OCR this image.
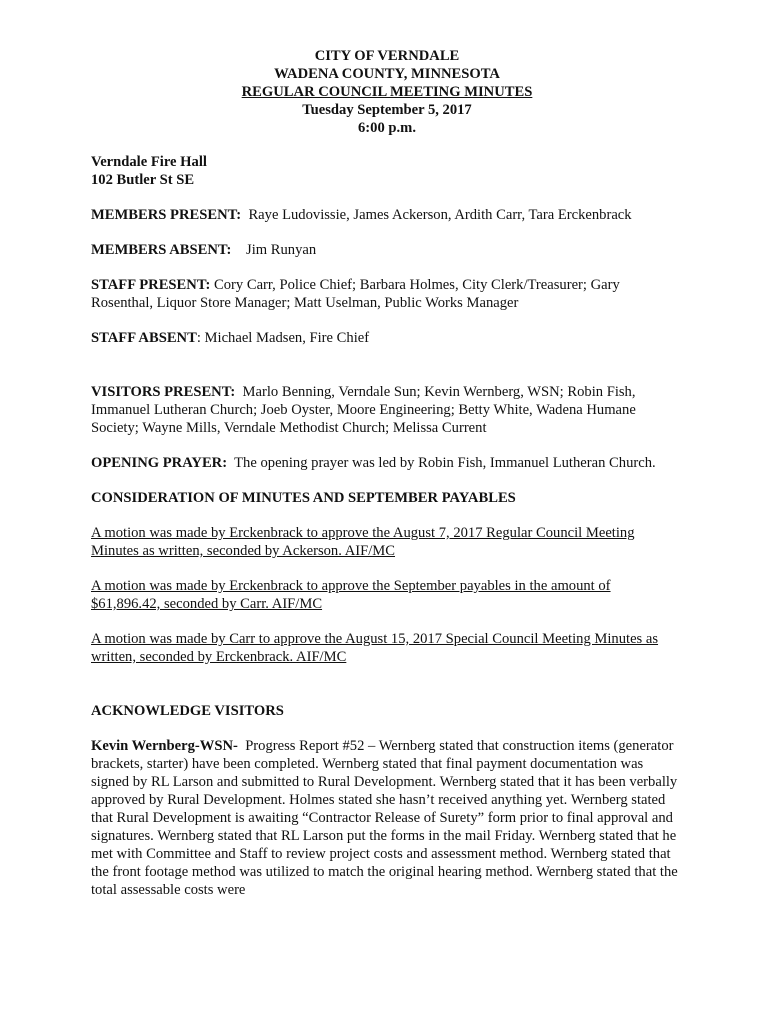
CITY OF VERNDALE
WADENA COUNTY, MINNESOTA
REGULAR COUNCIL MEETING MINUTES
Tuesday September 5, 2017
6:00 p.m.

Verndale Fire Hall
102 Butler St SE

MEMBERS PRESENT: Raye Ludovissie, James Ackerson, Ardith Carr, Tara Erckenbrack

MEMBERS ABSENT: Jim Runyan

STAFF PRESENT: Cory Carr, Police Chief; Barbara Holmes, City Clerk/Treasurer; Gary Rosenthal, Liquor Store Manager; Matt Uselman, Public Works Manager

STAFF ABSENT: Michael Madsen, Fire Chief

VISITORS PRESENT: Marlo Benning, Verndale Sun; Kevin Wernberg, WSN; Robin Fish, Immanuel Lutheran Church; Joeb Oyster, Moore Engineering; Betty White, Wadena Humane Society; Wayne Mills, Verndale Methodist Church; Melissa Current

OPENING PRAYER: The opening prayer was led by Robin Fish, Immanuel Lutheran Church.

CONSIDERATION OF MINUTES AND SEPTEMBER PAYABLES

A motion was made by Erckenbrack to approve the August 7, 2017 Regular Council Meeting Minutes as written, seconded by Ackerson. AIF/MC

A motion was made by Erckenbrack to approve the September payables in the amount of $61,896.42, seconded by Carr. AIF/MC

A motion was made by Carr to approve the August 15, 2017 Special Council Meeting Minutes as written, seconded by Erckenbrack. AIF/MC

ACKNOWLEDGE VISITORS

Kevin Wernberg-WSN- Progress Report #52 – Wernberg stated that construction items (generator brackets, starter) have been completed. Wernberg stated that final payment documentation was signed by RL Larson and submitted to Rural Development. Wernberg stated that it has been verbally approved by Rural Development. Holmes stated she hasn’t received anything yet. Wernberg stated that Rural Development is awaiting “Contractor Release of Surety” form prior to final approval and signatures. Wernberg stated that RL Larson put the forms in the mail Friday. Wernberg stated that he met with Committee and Staff to review project costs and assessment method. Wernberg stated that the front footage method was utilized to match the original hearing method. Wernberg stated that the total assessable costs were
